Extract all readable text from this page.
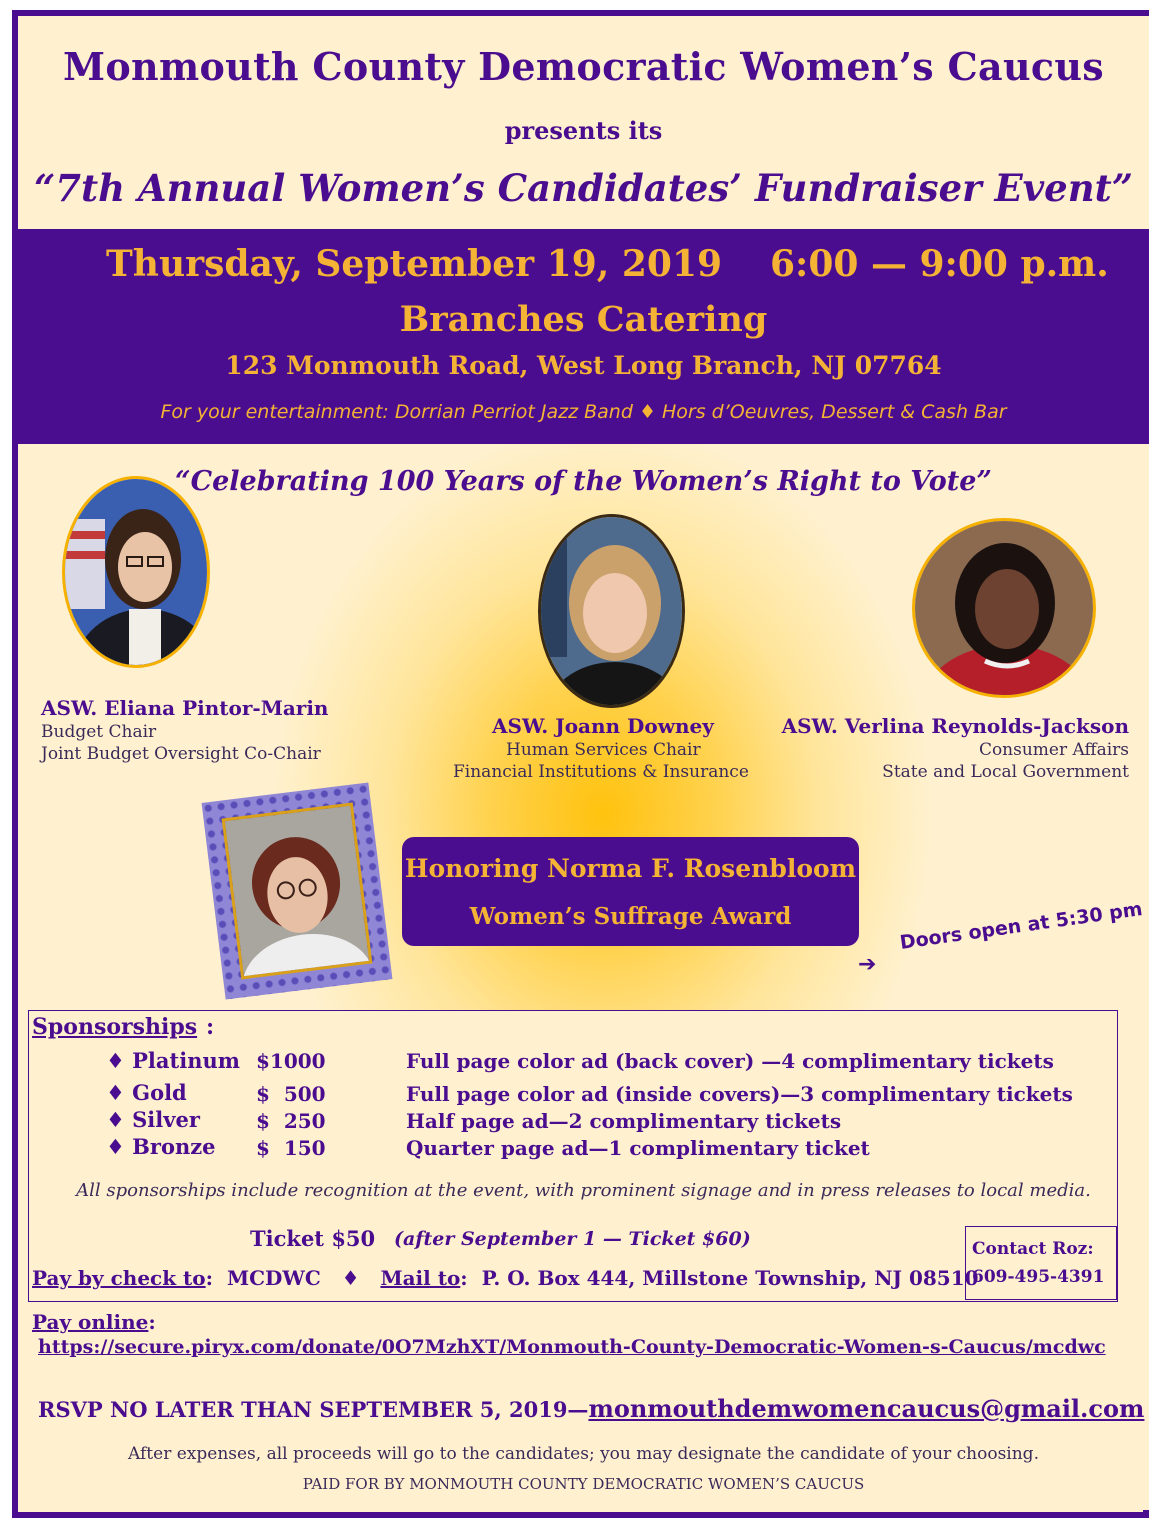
Monmouth County Democratic Women’s Caucus
presents its
“7th Annual Women’s Candidates’ Fundraiser Event”
Thursday, September 19, 2019 6:00 — 9:00 p.m.
Branches Catering
123 Monmouth Road, West Long Branch, NJ 07764
For your entertainment: Dorrian Perriot Jazz Band ♦ Hors d’Oeuvres, Dessert & Cash Bar
“Celebrating 100 Years of the Women’s Right to Vote”
ASW. Eliana Pintor-Marin
Budget Chair
Joint Budget Oversight Co-Chair
ASW. Joann Downey
Human Services Chair
Financial Institutions & Insurance
ASW. Verlina Reynolds-Jackson
Consumer Affairs
State and Local Government
Honoring Norma F. Rosenbloom
Women’s Suffrage Award
➔
Doors open at 5:30 pm
Sponsorships :
♦ Platinum $1000	Full page color ad (back cover) —4 complimentary tickets
♦ Gold	$  500	Full page color ad (inside covers)—3 complimentary tickets
♦ Silver	$  250	Half page ad—2 complimentary tickets
♦ Bronze $  150	Quarter page ad—1 complimentary ticket
All sponsorships include recognition at the event, with prominent signage and in press releases to local media.
Ticket $50 (after September 1 — Ticket $60)
Pay by check to:  MCDWC   ♦   Mail to:  P. O. Box 444, Millstone Township, NJ 08510
Contact Roz:
609-495-4391
Pay online:
https://secure.piryx.com/donate/0O7MzhXT/Monmouth-County-Democratic-Women-s-Caucus/mcdwc
RSVP NO LATER THAN SEPTEMBER 5, 2019—monmouthdemwomencaucus@gmail.com
After expenses, all proceeds will go to the candidates; you may designate the candidate of your choosing.
PAID FOR BY MONMOUTH COUNTY DEMOCRATIC WOMEN’S CAUCUS
